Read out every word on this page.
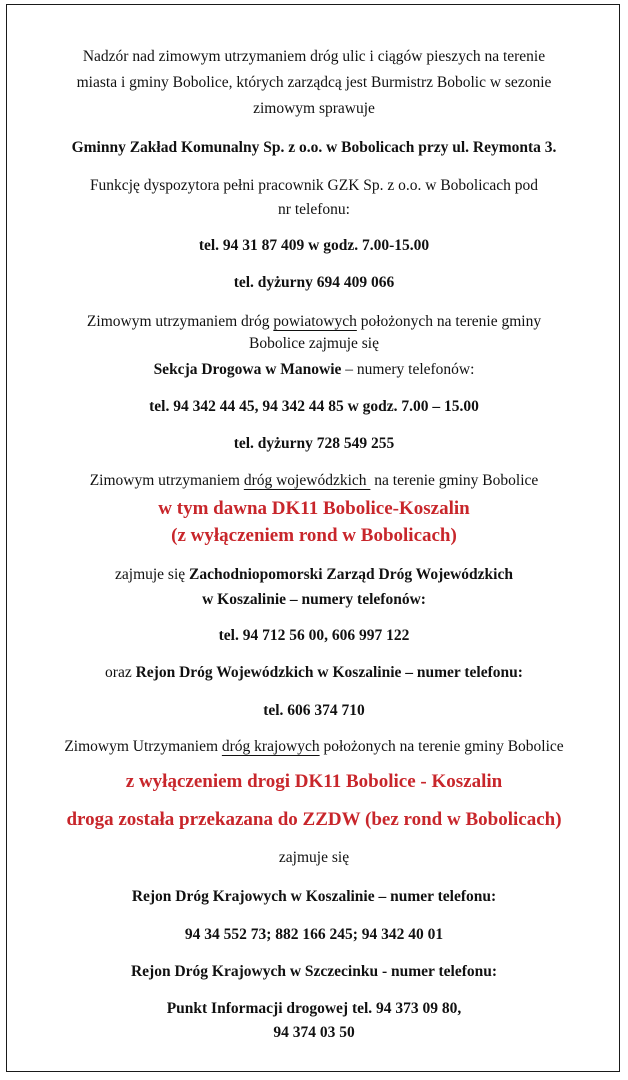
Nadzór nad zimowym utrzymaniem dróg ulic i ciągów pieszych na terenie
miasta i gminy Bobolice, których zarządcą jest Burmistrz Bobolic w sezonie
zimowym sprawuje
Gminny Zakład Komunalny Sp. z o.o. w Bobolicach przy ul. Reymonta 3.
Funkcję dyspozytora pełni pracownik GZK Sp. z o.o. w Bobolicach pod
nr telefonu:
tel. 94 31 87 409 w godz. 7.00-15.00
tel. dyżurny 694 409 066
Zimowym utrzymaniem dróg powiatowych położonych na terenie gminy
Bobolice zajmuje się
Sekcja Drogowa w Manowie – numery telefonów:
tel. 94 342 44 45, 94 342 44 85 w godz. 7.00 – 15.00
tel. dyżurny 728 549 255
Zimowym utrzymaniem dróg wojewódzkich  na terenie gminy Bobolice
w tym dawna DK11 Bobolice-Koszalin
(z wyłączeniem rond w Bobolicach)
zajmuje się Zachodniopomorski Zarząd Dróg Wojewódzkich
w Koszalinie – numery telefonów:
tel. 94 712 56 00, 606 997 122
oraz Rejon Dróg Wojewódzkich w Koszalinie – numer telefonu:
tel. 606 374 710
Zimowym Utrzymaniem dróg krajowych położonych na terenie gminy Bobolice
z wyłączeniem drogi DK11 Bobolice - Koszalin
droga została przekazana do ZZDW (bez rond w Bobolicach)
zajmuje się
Rejon Dróg Krajowych w Koszalinie – numer telefonu:
94 34 552 73; 882 166 245; 94 342 40 01
Rejon Dróg Krajowych w Szczecinku - numer telefonu:
Punkt Informacji drogowej tel. 94 373 09 80,
94 374 03 50
